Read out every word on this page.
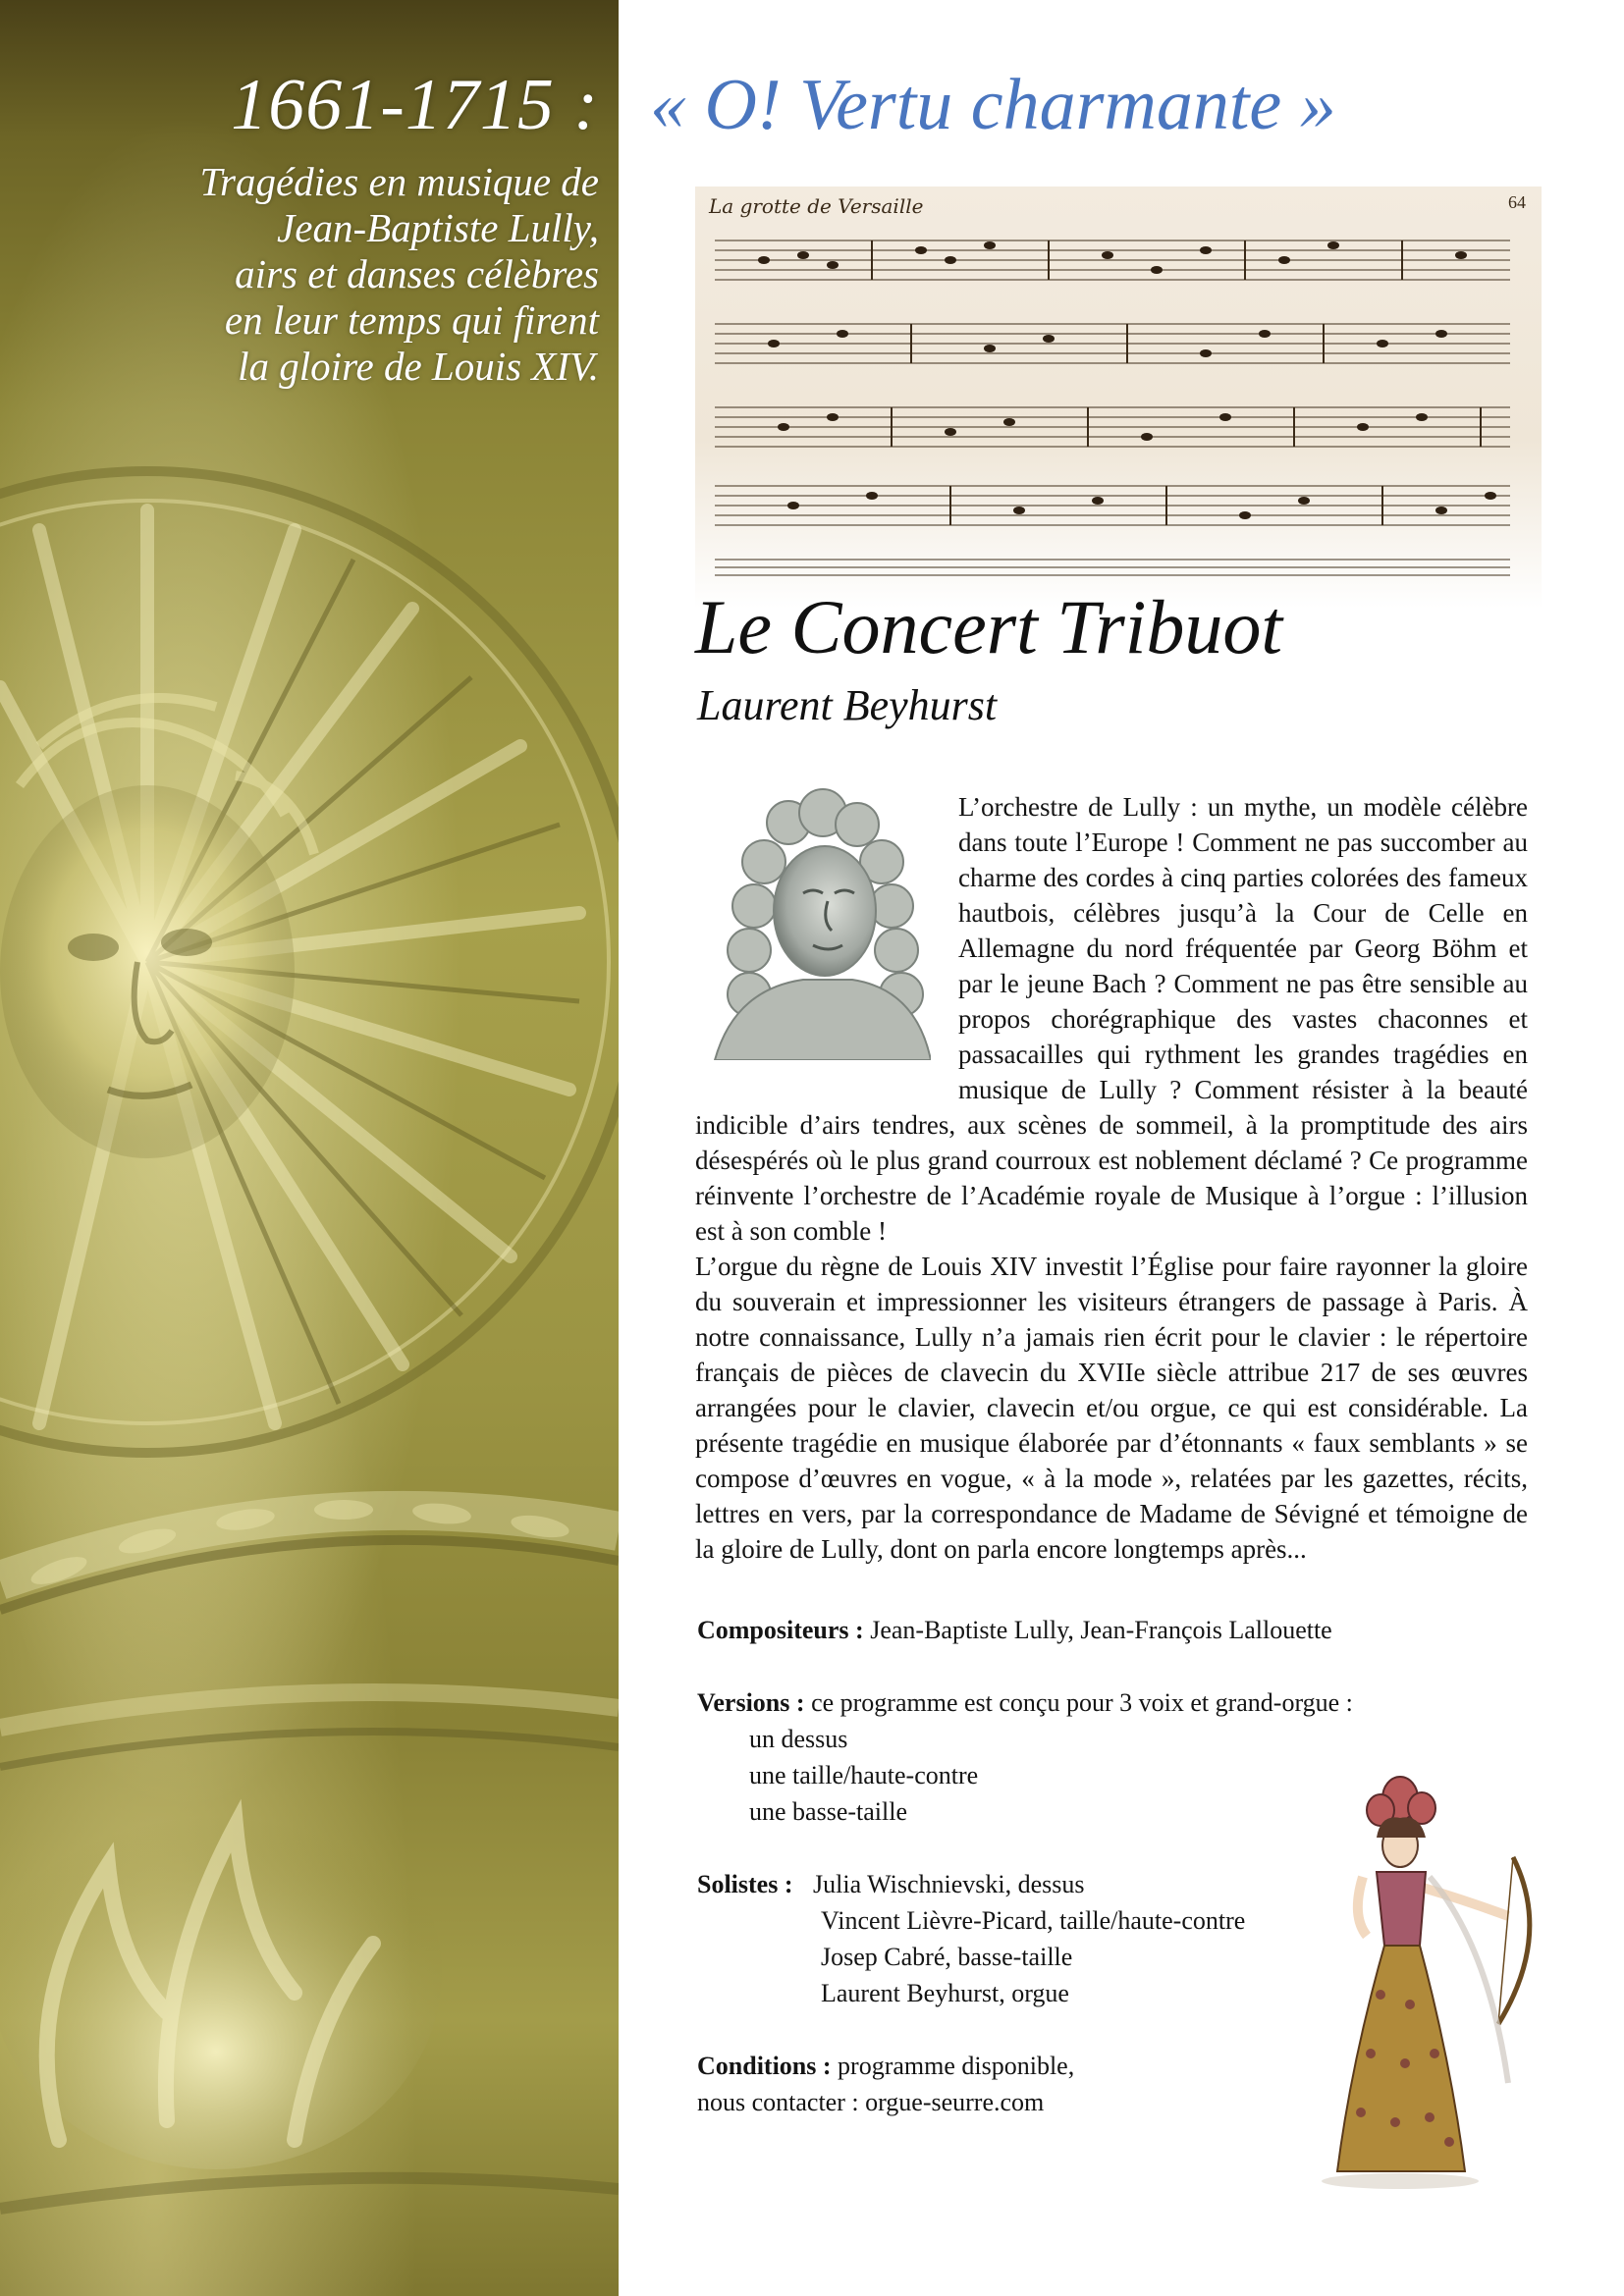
1661-1715 :
Tragédies en musique de
Jean-Baptiste Lully,
airs et danses célèbres
en leur temps qui firent
la gloire de Louis XIV.
« O! Vertu charmante »
La grotte de Versaille	64
Le Concert Tribuot
Laurent Beyhurst

L’orchestre de Lully : un mythe, un modèle célèbre dans toute l’Europe ! Comment ne pas succomber au charme des cordes à cinq parties colorées des fameux hautbois, célèbres jusqu’à la Cour de Celle en Allemagne du nord fréquentée par Georg Böhm et par le jeune Bach ? Comment ne pas être sensible au propos chorégraphique des vastes chaconnes et passacailles qui rythment les grandes tragédies en musique de Lully ? Comment résister à la beauté indicible d’airs tendres, aux scènes de sommeil, à la promptitude des airs désespérés où le plus grand courroux est noblement déclamé ? Ce programme réinvente l’orchestre de l’Académie royale de Musique à l’orgue : l’illusion est à son comble !

L’orgue du règne de Louis XIV investit l’Église pour faire rayonner la gloire du souverain et impressionner les visiteurs étrangers de passage à Paris. À notre connaissance, Lully n’a jamais rien écrit pour le clavier : le répertoire français de pièces de clavecin du XVIIe siècle attribue 217 de ses œuvres arrangées pour le clavier, clavecin et/ou orgue, ce qui est considérable. La présente tragédie en musique élaborée par d’étonnants « faux semblants » se compose d’œuvres en vogue, « à la mode », relatées par les gazettes, récits, lettres en vers, par la correspondance de Madame de Sévigné et témoigne de la gloire de Lully, dont on parla encore longtemps après...

Compositeurs : Jean-Baptiste Lully, Jean-François Lallouette
Versions : ce programme est conçu pour 3 voix et grand-orgue :
un dessus
une taille/haute-contre
une basse-taille
Solistes : Julia Wischnievski, dessus
Vincent Lièvre-Picard, taille/haute-contre
Josep Cabré, basse-taille
Laurent Beyhurst, orgue
Conditions : programme disponible,
nous contacter : orgue-seurre.com
